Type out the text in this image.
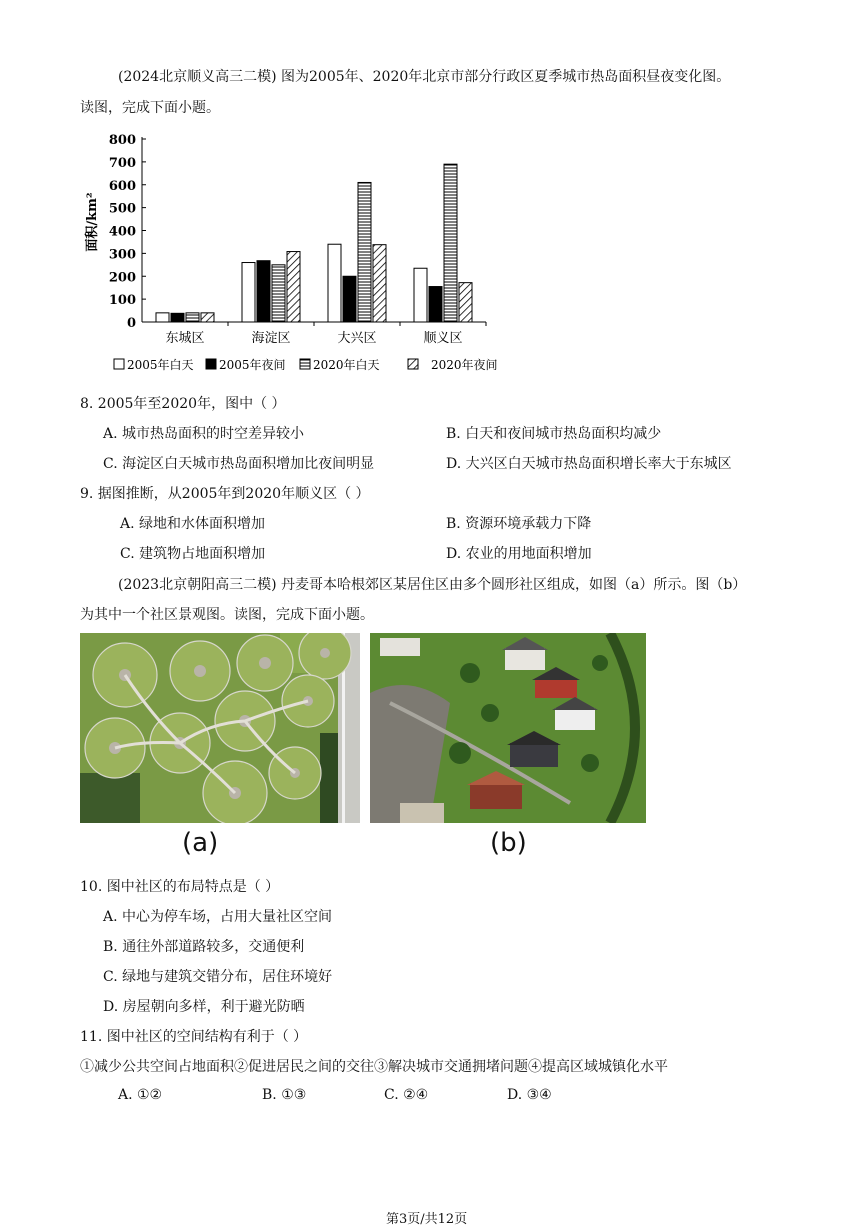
(2024北京顺义高三二模) 图为2005年、2020年北京市部分行政区夏季城市热岛面积昼夜变化图。
读图，完成下面小题。
0
100
200
300
400
500
600
700
800
东城区	海淀区	大兴区	顺义区
2005年白天 2005年夜间 2020年白天	2020年夜间
面积/km²
8. 2005年至2020年，图中（ ）
A. 城市热岛面积的时空差异较小	B. 白天和夜间城市热岛面积均减少
C. 海淀区白天城市热岛面积增加比夜间明显	D. 大兴区白天城市热岛面积增长率大于东城区
9. 据图推断，从2005年到2020年顺义区（ ）
A. 绿地和水体面积增加	B. 资源环境承载力下降
C. 建筑物占地面积增加	D. 农业的用地面积增加
(2023北京朝阳高三二模) 丹麦哥本哈根郊区某居住区由多个圆形社区组成，如图（a）所示。图（b）
为其中一个社区景观图。读图，完成下面小题。
(a)	(b)
10. 图中社区的布局特点是（ ）
A. 中心为停车场，占用大量社区空间
B. 通往外部道路较多，交通便利
C. 绿地与建筑交错分布，居住环境好
D. 房屋朝向多样，利于避光防晒
11. 图中社区的空间结构有利于（ ）
①减少公共空间占地面积②促进居民之间的交往③解决城市交通拥堵问题④提高区域城镇化水平
A. ①②	B. ①③	C. ②④	D. ③④
第3页/共12页
